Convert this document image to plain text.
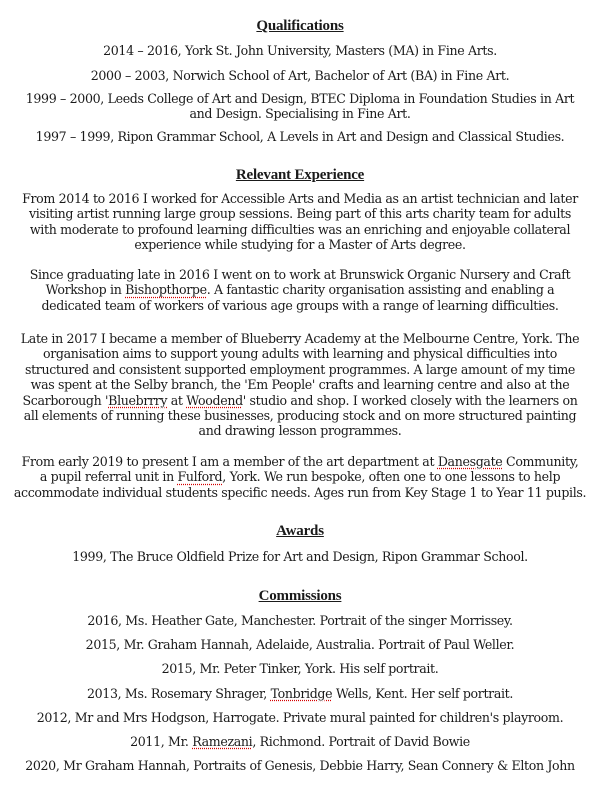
Qualifications
2014 – 2016, York St. John University, Masters (MA) in Fine Arts.
2000 – 2003, Norwich School of Art, Bachelor of Art (BA) in Fine Art.
1999 – 2000, Leeds College of Art and Design, BTEC Diploma in Foundation Studies in Art
and Design. Specialising in Fine Art.
1997 – 1999, Ripon Grammar School, A Levels in Art and Design and Classical Studies.
Relevant Experience
From 2014 to 2016 I worked for Accessible Arts and Media as an artist technician and later
visiting artist running large group sessions. Being part of this arts charity team for adults
with moderate to profound learning difficulties was an enriching and enjoyable collateral
experience while studying for a Master of Arts degree.
Since graduating late in 2016 I went on to work at Brunswick Organic Nursery and Craft
Workshop in Bishopthorpe. A fantastic charity organisation assisting and enabling a
dedicated team of workers of various age groups with a range of learning difficulties.
Late in 2017 I became a member of Blueberry Academy at the Melbourne Centre, York. The
organisation aims to support young adults with learning and physical difficulties into
structured and consistent supported employment programmes. A large amount of my time
was spent at the Selby branch, the 'Em People' crafts and learning centre and also at the
Scarborough 'Bluebrrry at Woodend' studio and shop. I worked closely with the learners on
all elements of running these businesses, producing stock and on more structured painting
and drawing lesson programmes.
From early 2019 to present I am a member of the art department at Danesgate Community,
a pupil referral unit in Fulford, York. We run bespoke, often one to one lessons to help
accommodate individual students specific needs. Ages run from Key Stage 1 to Year 11 pupils.
Awards
1999, The Bruce Oldfield Prize for Art and Design, Ripon Grammar School.
Commissions
2016, Ms. Heather Gate, Manchester. Portrait of the singer Morrissey.
2015, Mr. Graham Hannah, Adelaide, Australia. Portrait of Paul Weller.
2015, Mr. Peter Tinker, York. His self portrait.
2013, Ms. Rosemary Shrager, Tonbridge Wells, Kent. Her self portrait.
2012, Mr and Mrs Hodgson, Harrogate. Private mural painted for children's playroom.
2011, Mr. Ramezani, Richmond. Portrait of David Bowie
2020, Mr Graham Hannah, Portraits of Genesis, Debbie Harry, Sean Connery & Elton John
